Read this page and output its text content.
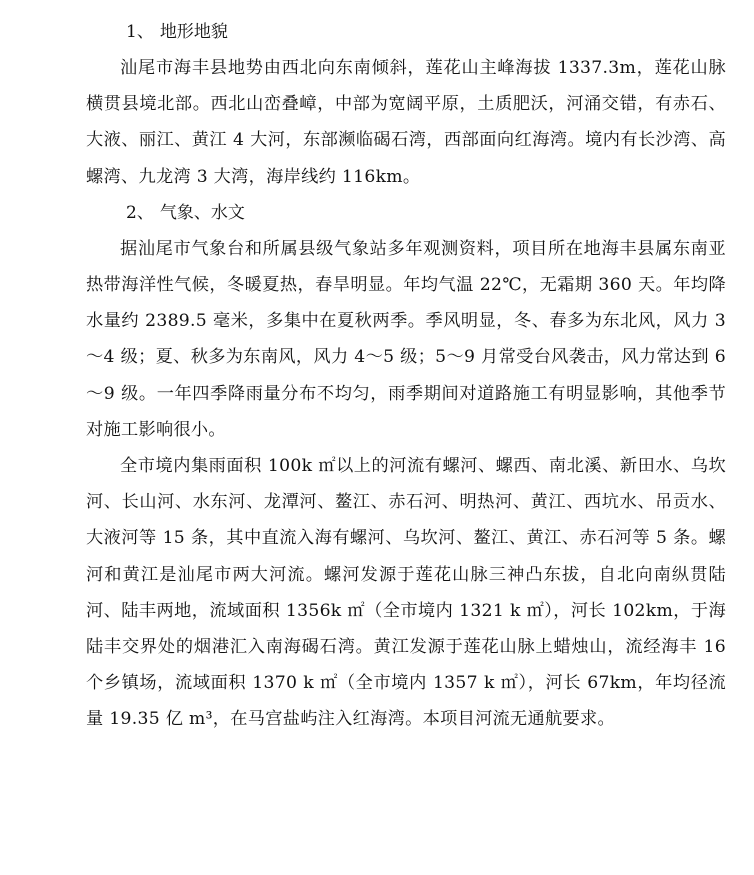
1、 地形地貌

汕尾市海丰县地势由西北向东南倾斜，莲花山主峰海拔 1337.3m，莲花山脉横贯县境北部。西北山峦叠嶂，中部为宽阔平原，土质肥沃，河涌交错，有赤石、大液、丽江、黄江 4 大河，东部濒临碣石湾，西部面向红海湾。境内有长沙湾、高螺湾、九龙湾 3 大湾，海岸线约 116km。

2、 气象、水文

据汕尾市气象台和所属县级气象站多年观测资料，项目所在地海丰县属东南亚热带海洋性气候，冬暖夏热，春旱明显。年均气温 22℃，无霜期 360 天。年均降水量约 2389.5 毫米，多集中在夏秋两季。季风明显，冬、春多为东北风，风力 3～4 级；夏、秋多为东南风，风力 4～5 级；5～9 月常受台风袭击，风力常达到 6～9 级。一年四季降雨量分布不均匀，雨季期间对道路施工有明显影响，其他季节对施工影响很小。

全市境内集雨面积 100k ㎡以上的河流有螺河、螺西、南北溪、新田水、乌坎河、长山河、水东河、龙潭河、鳌江、赤石河、明热河、黄江、西坑水、吊贡水、大液河等 15 条，其中直流入海有螺河、乌坎河、鳌江、黄江、赤石河等 5 条。螺河和黄江是汕尾市两大河流。螺河发源于莲花山脉三神凸东拔，自北向南纵贯陆河、陆丰两地，流域面积 1356k ㎡（全市境内 1321 k ㎡），河长 102km，于海陆丰交界处的烟港汇入南海碣石湾。黄江发源于莲花山脉上蜡烛山，流经海丰 16 个乡镇场，流域面积 1370 k ㎡（全市境内 1357 k ㎡），河长 67km，年均径流量 19.35 亿 m³，在马宫盐屿注入红海湾。本项目河流无通航要求。
